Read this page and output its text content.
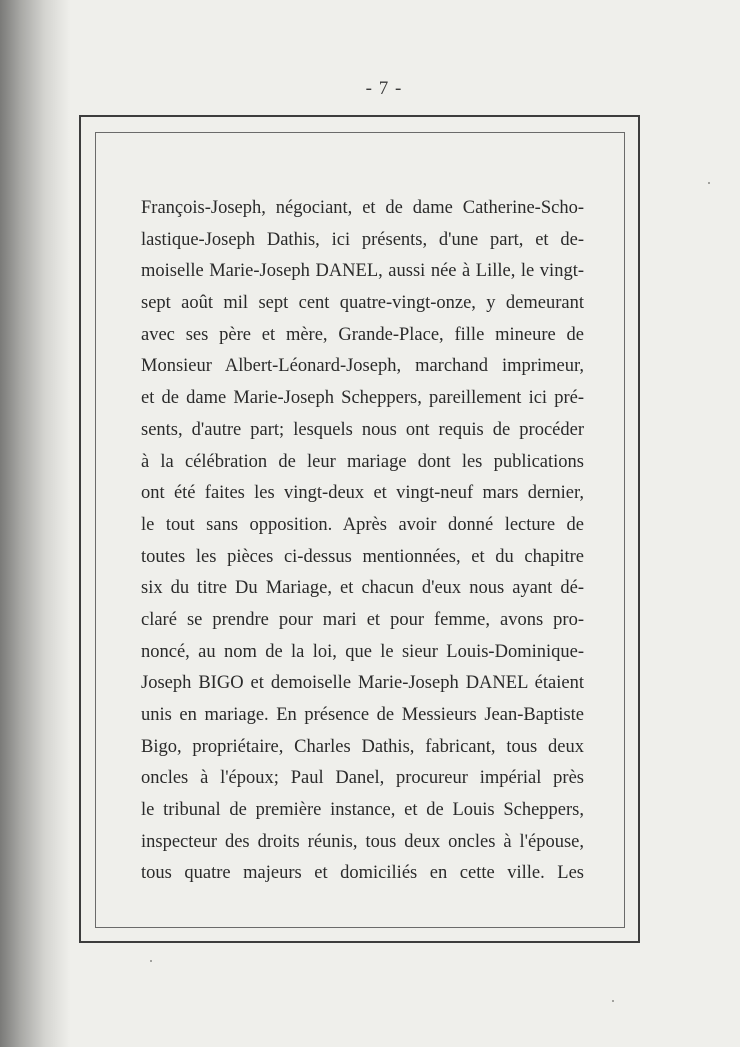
- 7 -
François-Joseph, négociant, et de dame Catherine-Scho-
lastique-Joseph Dathis, ici présents, d'une part, et de-
moiselle Marie-Joseph DANEL, aussi née à Lille, le vingt-
sept août mil sept cent quatre-vingt-onze, y demeurant
avec ses père et mère, Grande-Place, fille mineure de
Monsieur Albert-Léonard-Joseph, marchand imprimeur,
et de dame Marie-Joseph Scheppers, pareillement ici pré-
sents, d'autre part; lesquels nous ont requis de procéder
à la célébration de leur mariage dont les publications
ont été faites les vingt-deux et vingt-neuf mars dernier,
le tout sans opposition. Après avoir donné lecture de
toutes les pièces ci-dessus mentionnées, et du chapitre
six du titre Du Mariage, et chacun d'eux nous ayant dé-
claré se prendre pour mari et pour femme, avons pro-
noncé, au nom de la loi, que le sieur Louis-Dominique-
Joseph BIGO et demoiselle Marie-Joseph DANEL étaient
unis en mariage. En présence de Messieurs Jean-Baptiste
Bigo, propriétaire, Charles Dathis, fabricant, tous deux
oncles à l'époux; Paul Danel, procureur impérial près
le tribunal de première instance, et de Louis Scheppers,
inspecteur des droits réunis, tous deux oncles à l'épouse,
tous quatre majeurs et domiciliés en cette ville. Les
